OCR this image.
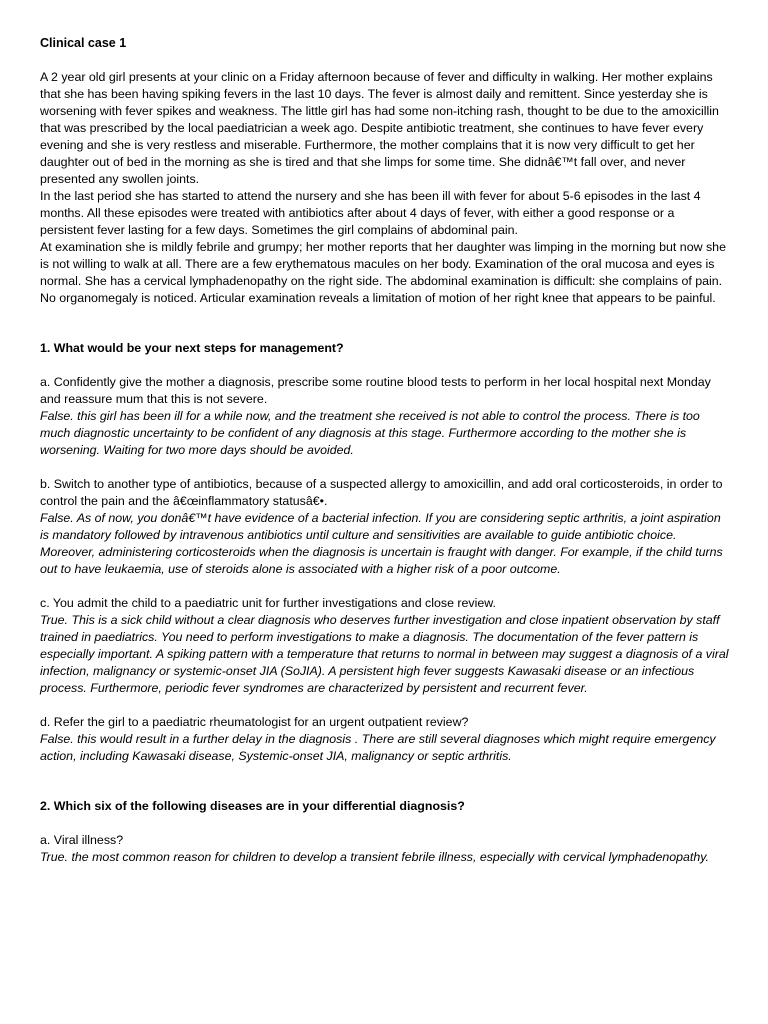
Clinical case 1

A 2 year old girl presents at your clinic on a Friday afternoon because of fever and difficulty in walking. Her mother explains that she has been having spiking fevers in the last 10 days. The fever is almost daily and remittent. Since yesterday she is worsening with fever spikes and weakness. The little girl has had some non-itching rash, thought to be due to the amoxicillin that was prescribed by the local paediatrician a week ago. Despite antibiotic treatment, she continues to have fever every evening and she is very restless and miserable. Furthermore, the mother complains that it is now very difficult to get her daughter out of bed in the morning as she is tired and that she limps for some time. She didnâ€™t fall over, and never presented any swollen joints.

In the last period she has started to attend the nursery and she has been ill with fever for about 5-6 episodes in the last 4 months. All these episodes were treated with antibiotics after about 4 days of fever, with either a good response or a persistent fever lasting for a few days. Sometimes the girl complains of abdominal pain.

At examination she is mildly febrile and grumpy; her mother reports that her daughter was limping in the morning but now she is not willing to walk at all. There are a few erythematous macules on her body. Examination of the oral mucosa and eyes is normal. She has a cervical lymphadenopathy on the right side. The abdominal examination is difficult: she complains of pain. No organomegaly is noticed. Articular examination reveals a limitation of motion of her right knee that appears to be painful.

1. What would be your next steps for management?

a. Confidently give the mother a diagnosis, prescribe some routine blood tests to perform in her local hospital next Monday and reassure mum that this is not severe.

False. this girl has been ill for a while now, and the treatment she received is not able to control the process. There is too much diagnostic uncertainty to be confident of any diagnosis at this stage. Furthermore according to the mother she is worsening. Waiting for two more days should be avoided.

b. Switch to another type of antibiotics, because of a suspected allergy to amoxicillin, and add oral corticosteroids, in order to control the pain and the â€œinflammatory statusâ€•.

False. As of now, you donâ€™t have evidence of a bacterial infection. If you are considering septic arthritis, a joint aspiration is mandatory followed by intravenous antibiotics until culture and sensitivities are available to guide antibiotic choice. Moreover, administering corticosteroids when the diagnosis is uncertain is fraught with danger. For example, if the child turns out to have leukaemia, use of steroids alone is associated with a higher risk of a poor outcome.

c. You admit the child to a paediatric unit for further investigations and close review.

True. This is a sick child without a clear diagnosis who deserves further investigation and close inpatient observation by staff trained in paediatrics. You need to perform investigations to make a diagnosis. The documentation of the fever pattern is especially important. A spiking pattern with a temperature that returns to normal in between may suggest a diagnosis of a viral infection, malignancy or systemic-onset JIA (SoJIA). A persistent high fever suggests Kawasaki disease or an infectious process. Furthermore, periodic fever syndromes are characterized by persistent and recurrent fever.

d. Refer the girl to a paediatric rheumatologist for an urgent outpatient review?

False. this would result in a further delay in the diagnosis . There are still several diagnoses which might require emergency action, including Kawasaki disease, Systemic-onset JIA, malignancy or septic arthritis.

2. Which six of the following diseases are in your differential diagnosis?

a. Viral illness?

True. the most common reason for children to develop a transient febrile illness, especially with cervical lymphadenopathy.
